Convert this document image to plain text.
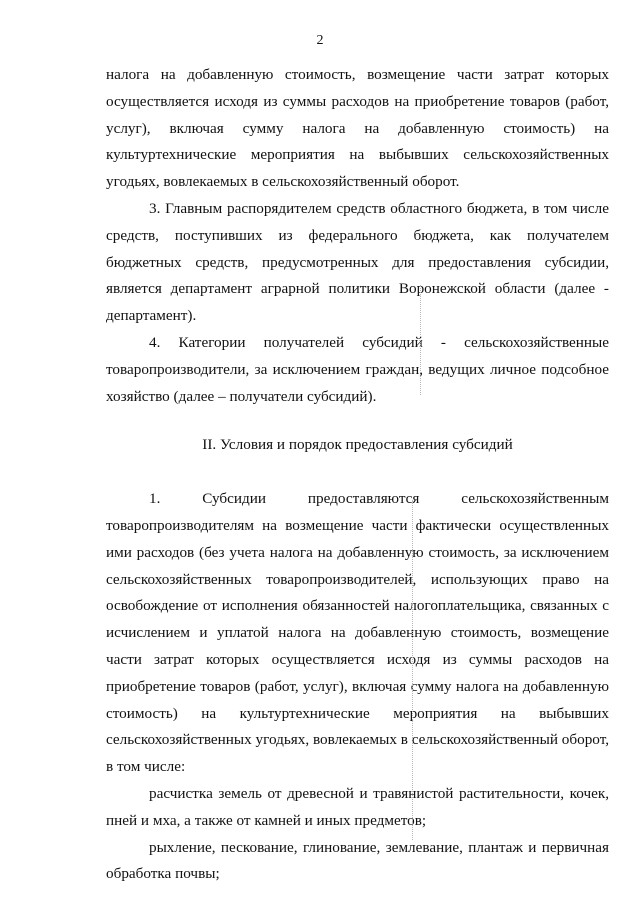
2

налога на добавленную стоимость, возмещение части затрат которых осуществляется исходя из суммы расходов на приобретение товаров (работ, услуг), включая сумму налога на добавленную стоимость) на культуртехнические мероприятия на выбывших сельскохозяйственных угодьях, вовлекаемых в сельскохозяйственный оборот.

3. Главным распорядителем средств областного бюджета, в том числе средств, поступивших из федерального бюджета, как получателем бюджетных средств, предусмотренных для предоставления субсидии, является департамент аграрной политики Воронежской области (далее - департамент).

4. Категории получателей субсидий - сельскохозяйственные товаропроизводители, за исключением граждан, ведущих личное подсобное хозяйство (далее – получатели субсидий).

II. Условия и порядок предоставления субсидий

1. Субсидии предоставляются сельскохозяйственным товаропроизводителям на возмещение части фактически осуществленных ими расходов (без учета налога на добавленную стоимость, за исключением сельскохозяйственных товаропроизводителей, использующих право на освобождение от исполнения обязанностей налогоплательщика, связанных с исчислением и уплатой налога на добавленную стоимость, возмещение части затрат которых осуществляется исходя из суммы расходов на приобретение товаров (работ, услуг), включая сумму налога на добавленную стоимость) на культуртехнические мероприятия на выбывших сельскохозяйственных угодьях, вовлекаемых в сельскохозяйственный оборот, в том числе:

расчистка земель от древесной и травянистой растительности, кочек, пней и мха, а также от камней и иных предметов;

рыхление, пескование, глинование, землевание, плантаж и первичная обработка почвы;
